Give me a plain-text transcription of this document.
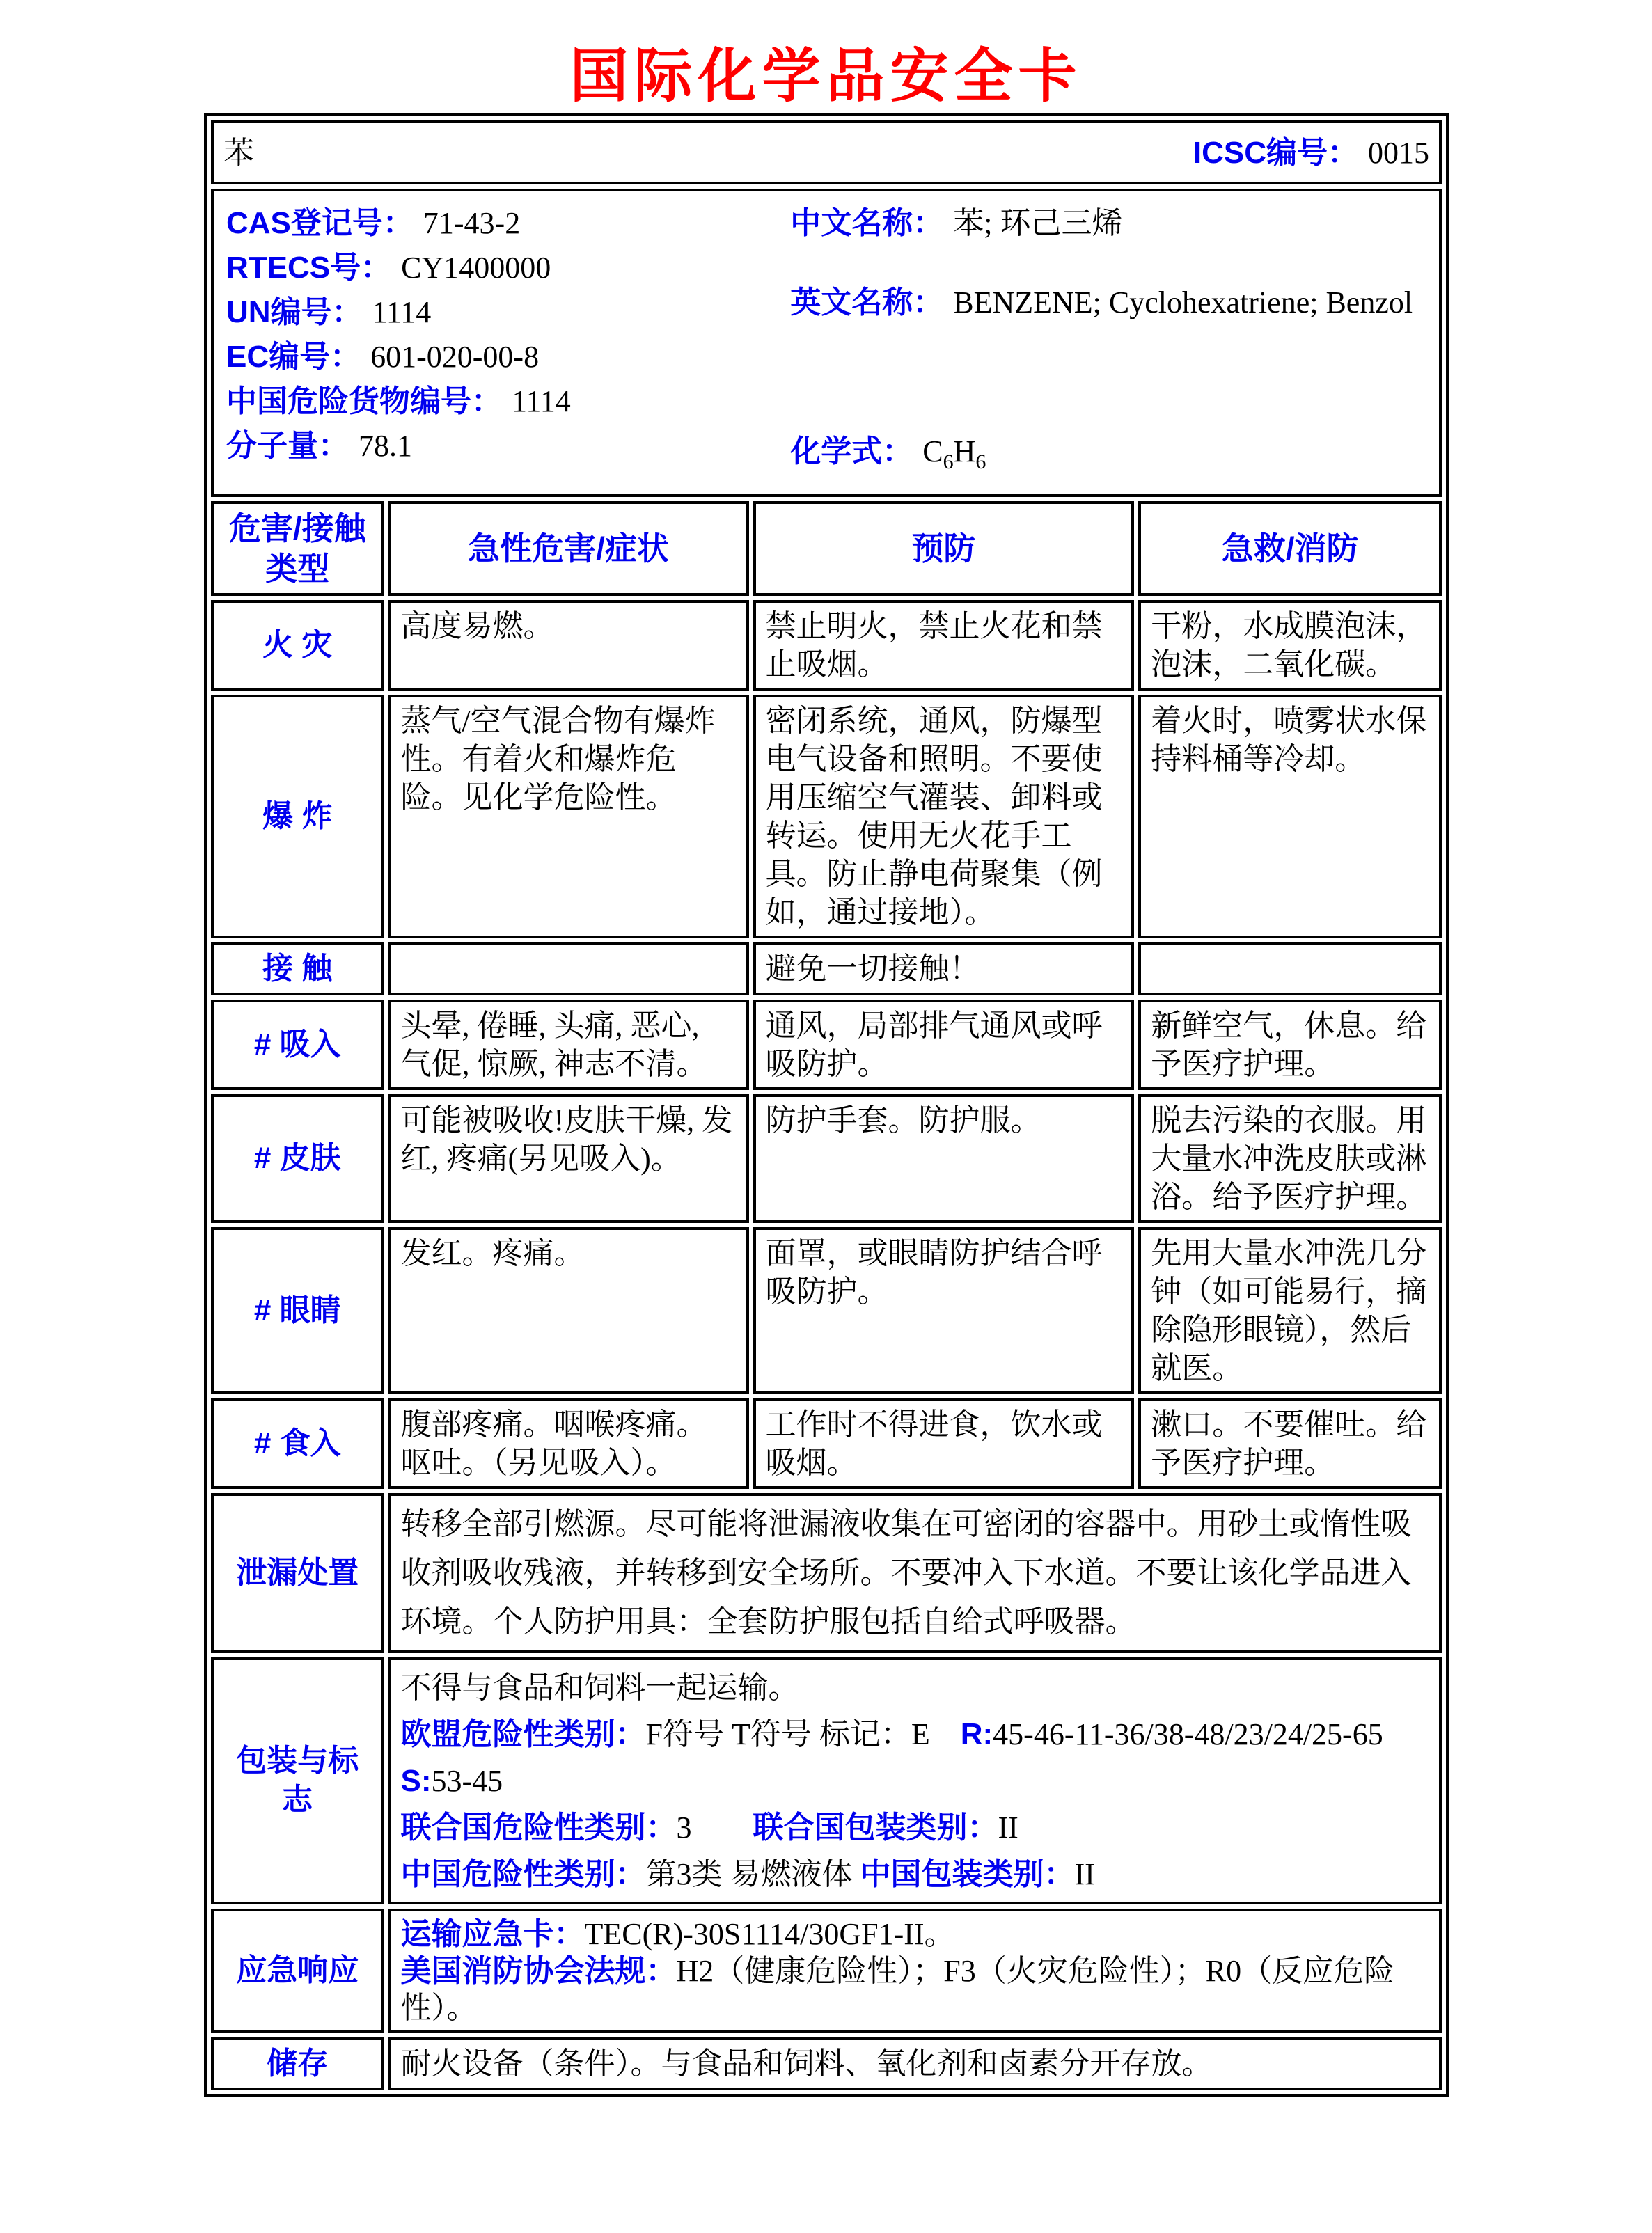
国际化学品安全卡
苯 ICSC编号： 0015			

CAS登记号： 71-43-2

RTECS号： CY1400000

UN编号： 1114

EC编号： 601-020-00-8

中国危险货物编号： 1114

分子量： 78.1

中文名称： 苯; 环己三烯

英文名称： BENZENE; Cyclohexatriene; Benzol

化学式： $C_6H_6$

危害/接触类型	急性危害/症状	预防	急救/消防
火 灾	高度易燃。	禁止明火，禁止火花和禁止吸烟。	干粉，水成膜泡沫，泡沫，二氧化碳。
爆 炸	蒸气/空气混合物有爆炸性。有着火和爆炸危险。见化学危险性。	密闭系统，通风，防爆型电气设备和照明。不要使用压缩空气灌装、卸料或转运。使用无火花手工具。防止静电荷聚集（例如，通过接地）。	着火时，喷雾状水保持料桶等冷却。
接 触		避免一切接触！	
# 吸入	头晕, 倦睡, 头痛, 恶心, 气促, 惊厥, 神志不清。	通风，局部排气通风或呼吸防护。	新鲜空气，休息。给予医疗护理。
# 皮肤	可能被吸收!皮肤干燥, 发红, 疼痛(另见吸入)。	防护手套。防护服。	脱去污染的衣服。用大量水冲洗皮肤或淋浴。给予医疗护理。
# 眼睛	发红。疼痛。	面罩，或眼睛防护结合呼吸防护。	先用大量水冲洗几分钟（如可能易行，摘除隐形眼镜），然后就医。
# 食入	腹部疼痛。咽喉疼痛。呕吐。（另见吸入）。	工作时不得进食，饮水或吸烟。	漱口。不要催吐。给予医疗护理。
泄漏处置	转移全部引燃源。尽可能将泄漏液收集在可密闭的容器中。用砂土或惰性吸收剂吸收残液，并转移到安全场所。不要冲入下水道。不要让该化学品进入环境。个人防护用具：全套防护服包括自给式呼吸器。		

包装与标志	不得与食品和饲料一起运输。

欧盟危险性类别：F符号 T符号 标记：E　R:45-46-11-36/38-48/23/24/25-65　 S:53-45

联合国危险性类别：3　　联合国包装类别：II

中国危险性类别：第3类 易燃液体 中国包装类别：II		

应急响应	运输应急卡：TEC(R)-30S1114/30GF1-II。

美国消防协会法规：H2（健康危险性）；F3（火灾危险性）；R0（反应危险性）。		

储存	耐火设备（条件）。与食品和饲料、氧化剂和卤素分开存放。		
